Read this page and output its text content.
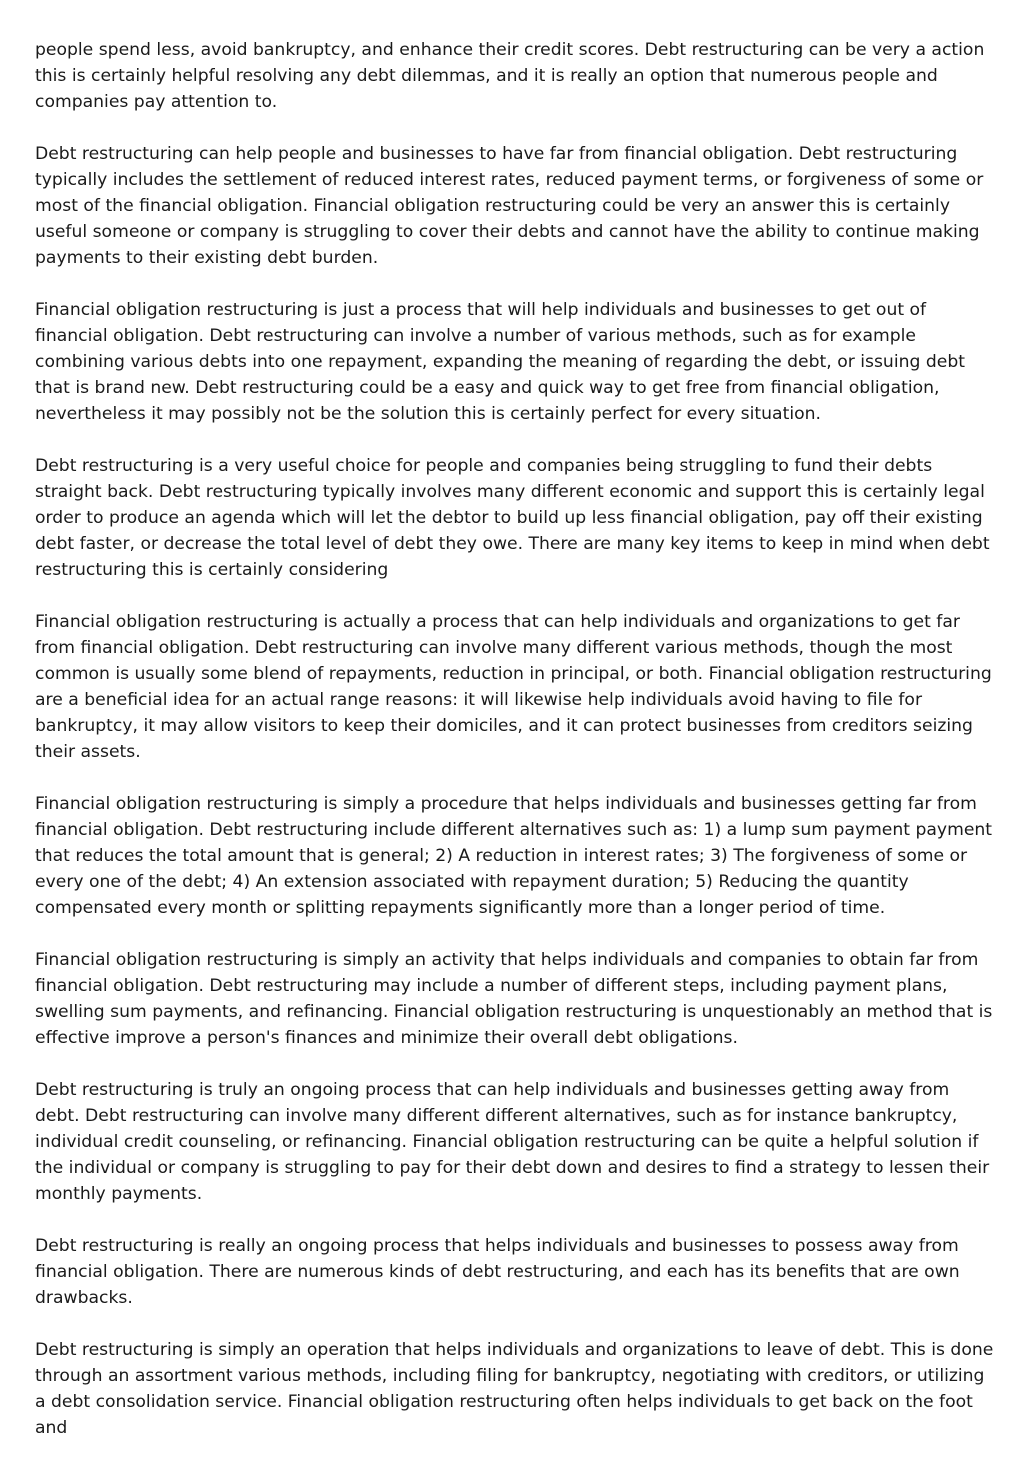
people spend less, avoid bankruptcy, and enhance their credit scores. Debt restructuring can be very a action this is certainly helpful resolving any debt dilemmas, and it is really an option that numerous people and companies pay attention to.

Debt restructuring can help people and businesses to have far from financial obligation. Debt restructuring typically includes the settlement of reduced interest rates, reduced payment terms, or forgiveness of some or most of the financial obligation. Financial obligation restructuring could be very an answer this is certainly useful someone or company is struggling to cover their debts and cannot have the ability to continue making payments to their existing debt burden.

Financial obligation restructuring is just a process that will help individuals and businesses to get out of financial obligation. Debt restructuring can involve a number of various methods, such as for example combining various debts into one repayment, expanding the meaning of regarding the debt, or issuing debt that is brand new. Debt restructuring could be a easy and quick way to get free from financial obligation, nevertheless it may possibly not be the solution this is certainly perfect for every situation.

Debt restructuring is a very useful choice for people and companies being struggling to fund their debts straight back. Debt restructuring typically involves many different economic and support this is certainly legal order to produce an agenda which will let the debtor to build up less financial obligation, pay off their existing debt faster, or decrease the total level of debt they owe. There are many key items to keep in mind when debt restructuring this is certainly considering

Financial obligation restructuring is actually a process that can help individuals and organizations to get far from financial obligation. Debt restructuring can involve many different various methods, though the most common is usually some blend of repayments, reduction in principal, or both. Financial obligation restructuring are a beneficial idea for an actual range reasons: it will likewise help individuals avoid having to file for bankruptcy, it may allow visitors to keep their domiciles, and it can protect businesses from creditors seizing their assets.

Financial obligation restructuring is simply a procedure that helps individuals and businesses getting far from financial obligation. Debt restructuring include different alternatives such as: 1) a lump sum payment payment that reduces the total amount that is general; 2) A reduction in interest rates; 3) The forgiveness of some or every one of the debt; 4) An extension associated with repayment duration; 5) Reducing the quantity compensated every month or splitting repayments significantly more than a longer period of time.

Financial obligation restructuring is simply an activity that helps individuals and companies to obtain far from financial obligation. Debt restructuring may include a number of different steps, including payment plans, swelling sum payments, and refinancing. Financial obligation restructuring is unquestionably an method that is effective improve a person's finances and minimize their overall debt obligations.

Debt restructuring is truly an ongoing process that can help individuals and businesses getting away from debt. Debt restructuring can involve many different different alternatives, such as for instance bankruptcy, individual credit counseling, or refinancing. Financial obligation restructuring can be quite a helpful solution if the individual or company is struggling to pay for their debt down and desires to find a strategy to lessen their monthly payments.

Debt restructuring is really an ongoing process that helps individuals and businesses to possess away from financial obligation. There are numerous kinds of debt restructuring, and each has its benefits that are own drawbacks.

Debt restructuring is simply an operation that helps individuals and organizations to leave of debt. This is done through an assortment various methods, including filing for bankruptcy, negotiating with creditors, or utilizing a debt consolidation service. Financial obligation restructuring often helps individuals to get back on the foot and
